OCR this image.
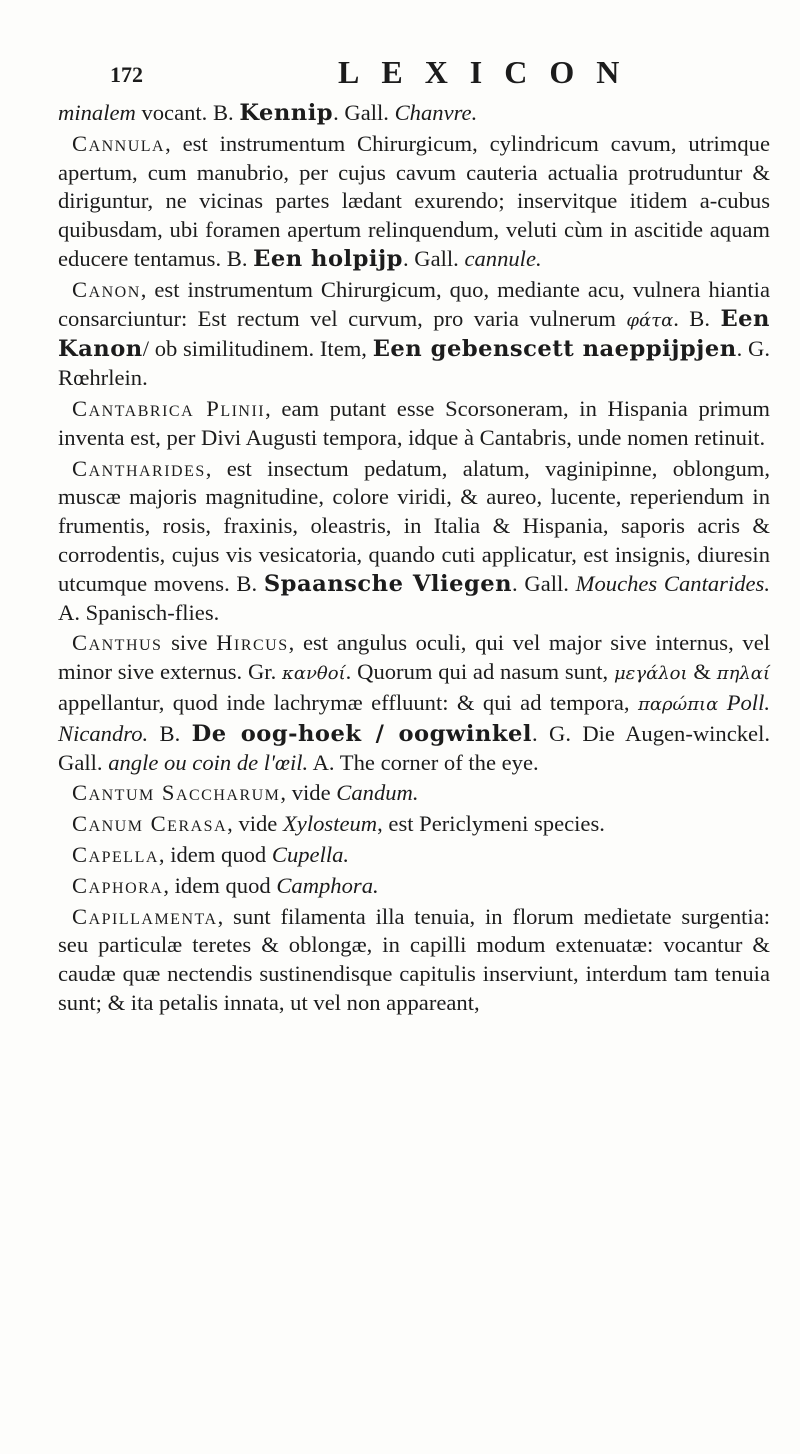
172	LEXICON

minalem vocant. B. Kennip. Gall. Chanvre.

Cannula, est instrumentum Chirurgicum, cylindricum cavum, utrimque apertum, cum manubrio, per cujus cavum cauteria actualia protruduntur & diriguntur, ne vicinas partes lædant exurendo; inservitque itidem a-cubus quibusdam, ubi foramen apertum relinquendum, veluti cùm in ascitide aquam educere tentamus. B. Een holpijp. Gall. cannule.

Canon, est instrumentum Chirurgicum, quo, mediante acu, vulnera hiantia consarciuntur: Est rectum vel curvum, pro varia vulnerum φάτα. B. Een Kanon/ ob similitudinem. Item, Een gebenscett naeppijpjen. G. Rœhrlein.

Cantabrica Plinii, eam putant esse Scorsoneram, in Hispania primum inventa est, per Divi Augusti tempora, idque à Cantabris, unde nomen retinuit.

Cantharides, est insectum pedatum, alatum, vaginipinne, oblongum, muscæ majoris magnitudine, colore viridi, & aureo, lucente, reperiendum in frumentis, rosis, fraxinis, oleastris, in Italia & Hispania, saporis acris & corrodentis, cujus vis vesicatoria, quando cuti applicatur, est insignis, diuresin utcumque movens. B. Spaansche Vliegen. Gall. Mouches Cantarides. A. Spanisch-flies.

Canthus sive Hircus, est angulus oculi, qui vel major sive internus, vel minor sive externus. Gr. κανθοί. Quorum qui ad nasum sunt, μεγάλοι & πηλαί appellantur, quod inde lachrymæ effluunt: & qui ad tempora, παρώπια Poll. Nicandro. B. De oog-hoek / oogwinkel. G. Die Augen-winckel. Gall. angle ou coin de l'œil. A. The corner of the eye.

Cantum Saccharum, vide Candum.

Canum Cerasa, vide Xylosteum, est Periclymeni species.

Capella, idem quod Cupella.

Caphora, idem quod Camphora.

Capillamenta, sunt filamenta illa tenuia, in florum medietate surgentia: seu particulæ teretes & oblongæ, in capilli modum extenuatæ: vocantur & caudæ quæ nectendis sustinendisque capitulis inserviunt, interdum tam tenuia sunt; & ita petalis innata, ut vel non appareant,
